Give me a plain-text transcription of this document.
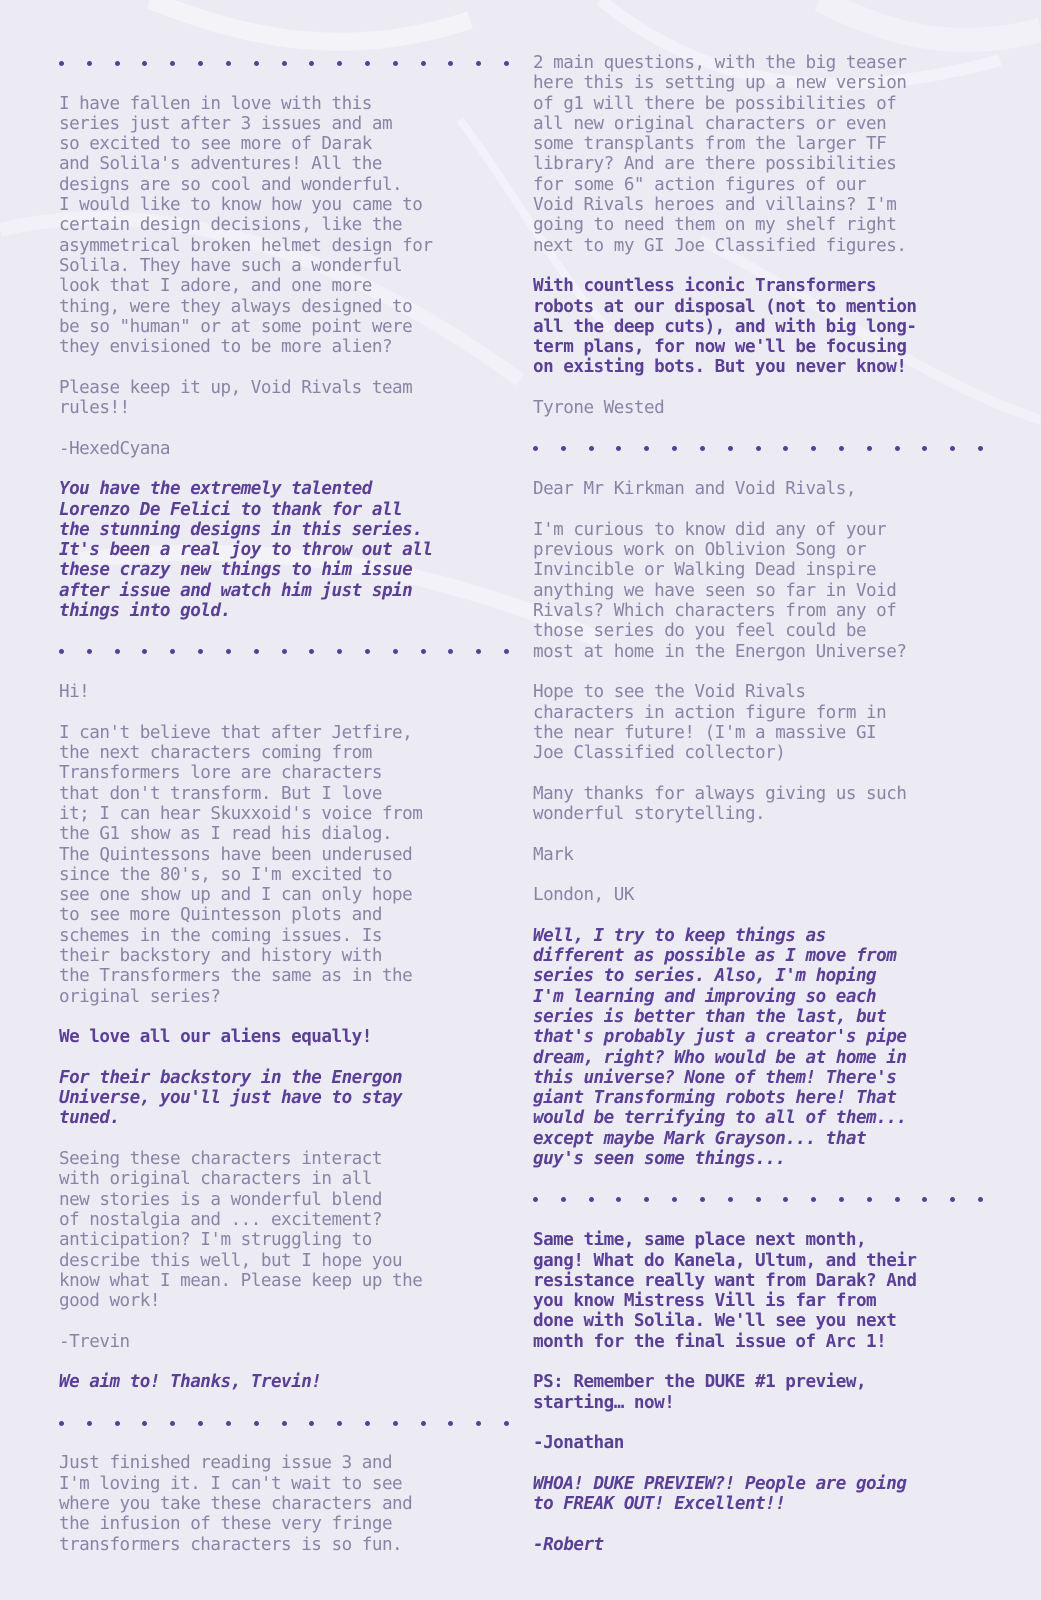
I have fallen in love with this
series just after 3 issues and am
so excited to see more of Darak
and Solila's adventures! All the
designs are so cool and wonderful.
I would like to know how you came to
certain design decisions, like the
asymmetrical broken helmet design for
Solila. They have such a wonderful
look that I adore, and one more
thing, were they always designed to
be so "human" or at some point were
they envisioned to be more alien?
Please keep it up, Void Rivals team
rules!!
-HexedCyana
You have the extremely talented
Lorenzo De Felici to thank for all
the stunning designs in this series.
It's been a real joy to throw out all
these crazy new things to him issue
after issue and watch him just spin
things into gold.
Hi!
I can't believe that after Jetfire,
the next characters coming from
Transformers lore are characters
that don't transform. But I love
it; I can hear Skuxxoid's voice from
the G1 show as I read his dialog.
The Quintessons have been underused
since the 80's, so I'm excited to
see one show up and I can only hope
to see more Quintesson plots and
schemes in the coming issues. Is
their backstory and history with
the Transformers the same as in the
original series?
We love all our aliens equally!
For their backstory in the Energon
Universe, you'll just have to stay
tuned.
Seeing these characters interact
with original characters in all
new stories is a wonderful blend
of nostalgia and ... excitement?
anticipation? I'm struggling to
describe this well, but I hope you
know what I mean. Please keep up the
good work!
-Trevin
We aim to! Thanks, Trevin!
Just finished reading issue 3 and
I'm loving it. I can't wait to see
where you take these characters and
the infusion of these very fringe
transformers characters is so fun.
2 main questions, with the big teaser
here this is setting up a new version
of g1 will there be possibilities of
all new original characters or even
some transplants from the larger TF
library? And are there possibilities
for some 6" action figures of our
Void Rivals heroes and villains? I'm
going to need them on my shelf right
next to my GI Joe Classified figures.
With countless iconic Transformers
robots at our disposal (not to mention
all the deep cuts), and with big long-
term plans, for now we'll be focusing
on existing bots. But you never know!
Tyrone Wested
Dear Mr Kirkman and Void Rivals,
I'm curious to know did any of your
previous work on Oblivion Song or
Invincible or Walking Dead inspire
anything we have seen so far in Void
Rivals? Which characters from any of
those series do you feel could be
most at home in the Energon Universe?
Hope to see the Void Rivals
characters in action figure form in
the near future! (I'm a massive GI
Joe Classified collector)
Many thanks for always giving us such
wonderful storytelling.
Mark
London, UK
Well, I try to keep things as
different as possible as I move from
series to series. Also, I'm hoping
I'm learning and improving so each
series is better than the last, but
that's probably just a creator's pipe
dream, right? Who would be at home in
this universe? None of them! There's
giant Transforming robots here! That
would be terrifying to all of them...
except maybe Mark Grayson... that
guy's seen some things...
Same time, same place next month,
gang! What do Kanela, Ultum, and their
resistance really want from Darak? And
you know Mistress Vill is far from
done with Solila. We'll see you next
month for the final issue of Arc 1!
PS: Remember the DUKE #1 preview,
starting… now!
-Jonathan
WHOA! DUKE PREVIEW?! People are going
to FREAK OUT! Excellent!!
-Robert
